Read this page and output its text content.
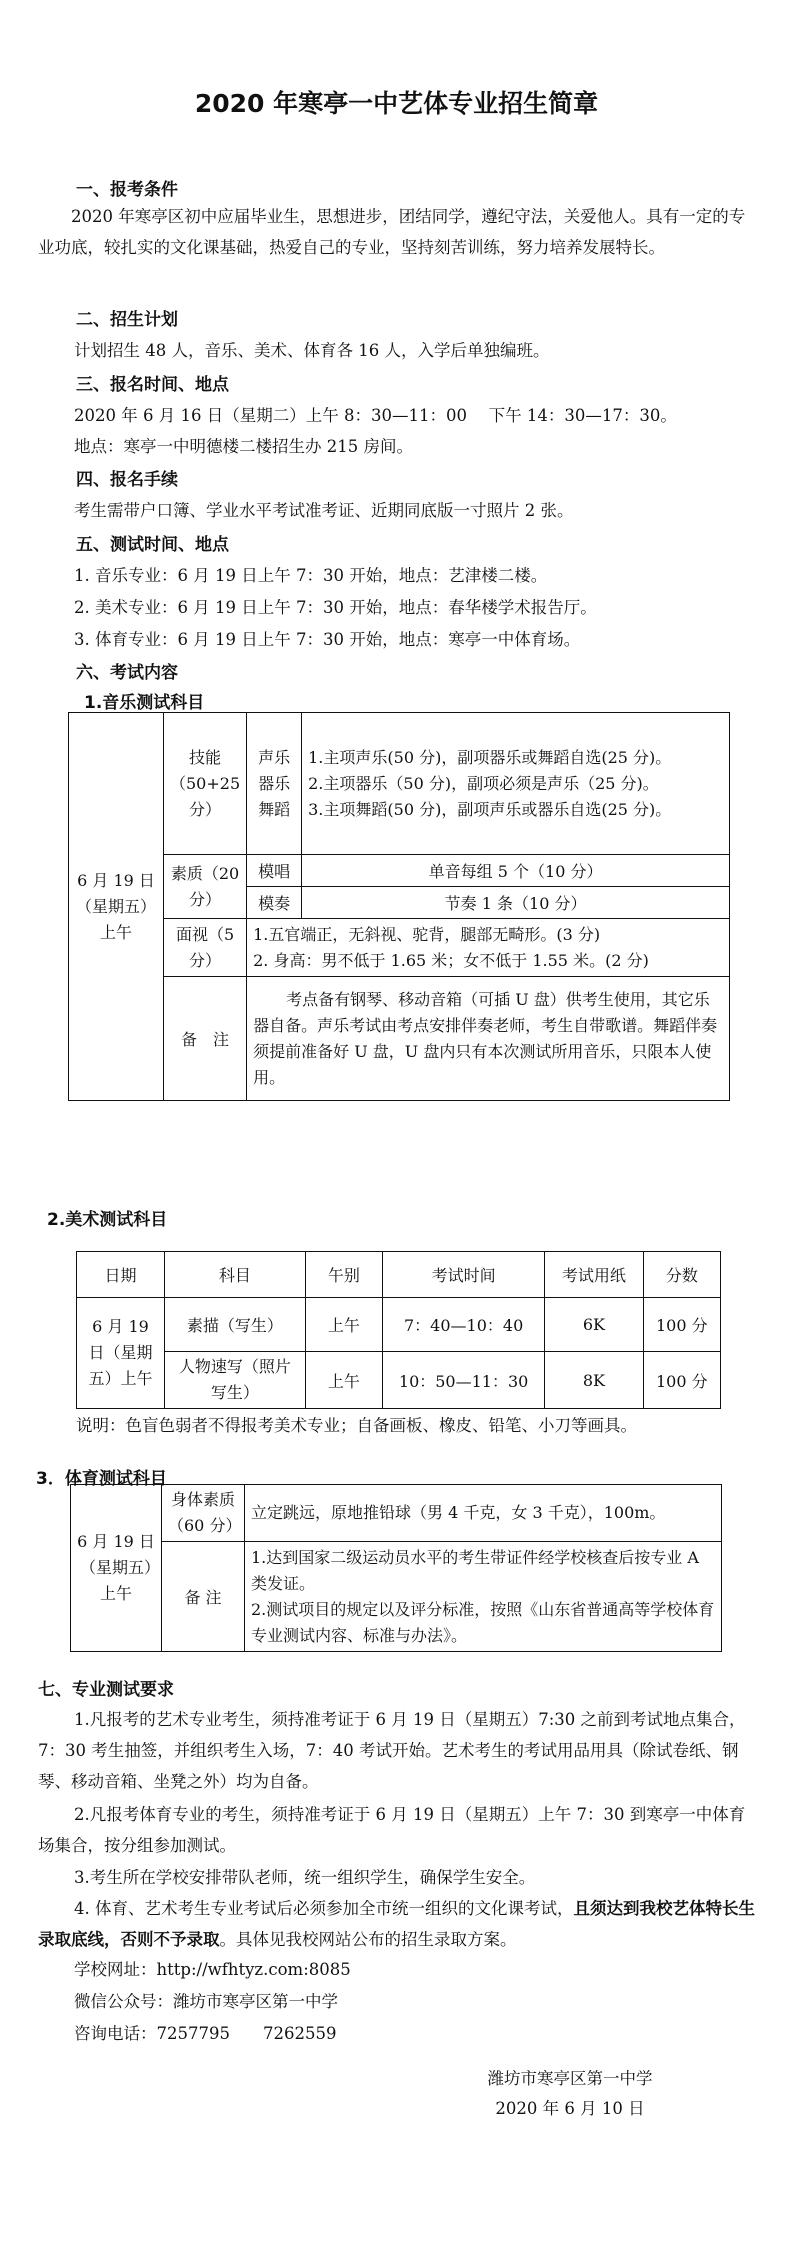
2020 年寒亭一中艺体专业招生简章
一、报考条件
2020 年寒亭区初中应届毕业生，思想进步，团结同学，遵纪守法，关爱他人。具有一定的专业功底，较扎实的文化课基础，热爱自己的专业，坚持刻苦训练，努力培养发展特长。
二、招生计划
计划招生 48 人，音乐、美术、体育各 16 人，入学后单独编班。
三、报名时间、地点
2020 年 6 月 16 日（星期二）上午 8：30—11：00　 下午 14：30—17：30。
地点：寒亭一中明德楼二楼招生办 215 房间。
四、报名手续
考生需带户口簿、学业水平考试准考证、近期同底版一寸照片 2 张。
五、测试时间、地点
1. 音乐专业：6 月 19 日上午 7：30 开始，地点：艺津楼二楼。
2. 美术专业：6 月 19 日上午 7：30 开始，地点：春华楼学术报告厅。
3. 体育专业：6 月 19 日上午 7：30 开始，地点：寒亭一中体育场。
六、考试内容
1.音乐测试科目
6 月 19 日（星期五）上午	技能（50+25 分）	声乐器乐舞蹈	1.主项声乐(50 分)，副项器乐或舞蹈自选(25 分)。
2.主项器乐（50 分)，副项必须是声乐（25 分)。
3.主项舞蹈(50 分)，副项声乐或器乐自选(25 分)。

	素质（20 分）	模唱	单音每组 5 个（10 分）
		模奏	节奏 1 条（10 分）
	面视（5 分）	1.五官端正，无斜视、驼背，腿部无畸形。(3 分)
2. 身高：男不低于 1.65 米；女不低于 1.55 米。(2 分)	

	备　注	考点备有钢琴、移动音箱（可插 U 盘）供考生使用，其它乐器自备。声乐考试由考点安排伴奏老师，考生自带歌谱。舞蹈伴奏须提前准备好 U 盘，U 盘内只有本次测试所用音乐，只限本人使用。	
2.美术测试科目
日期	科目	午别	考试时间	考试用纸	分数
6 月 19 日（星期五）上午	素描（写生）	上午	7：40—10：40	6K	100 分
	人物速写（照片写生）	上午	10：50—11：30	8K	100 分
说明：色盲色弱者不得报考美术专业；自备画板、橡皮、铅笔、小刀等画具。
3．体育测试科目
6 月 19 日（星期五）上午	身体素质（60 分）	立定跳远，原地推铅球（男 4 千克，女 3 千克），100m。
	备 注	1.达到国家二级运动员水平的考生带证件经学校核查后按专业 A 类发证。
2.测试项目的规定以及评分标准，按照《山东省普通高等学校体育专业测试内容、标准与办法》。
七、专业测试要求
1.凡报考的艺术专业考生，须持准考证于 6 月 19 日（星期五）7:30 之前到考试地点集合，7：30 考生抽签，并组织考生入场，7：40 考试开始。艺术考生的考试用品用具（除试卷纸、钢琴、移动音箱、坐凳之外）均为自备。
2.凡报考体育专业的考生，须持准考证于 6 月 19 日（星期五）上午 7：30 到寒亭一中体育场集合，按分组参加测试。
3.考生所在学校安排带队老师，统一组织学生，确保学生安全。
4. 体育、艺术考生专业考试后必须参加全市统一组织的文化课考试，且须达到我校艺体特长生录取底线，否则不予录取。具体见我校网站公布的招生录取方案。
学校网址：http://wfhtyz.com:8085
微信公众号：潍坊市寒亭区第一中学
咨询电话：7257795　　7262559
潍坊市寒亭区第一中学
2020 年 6 月 10 日
